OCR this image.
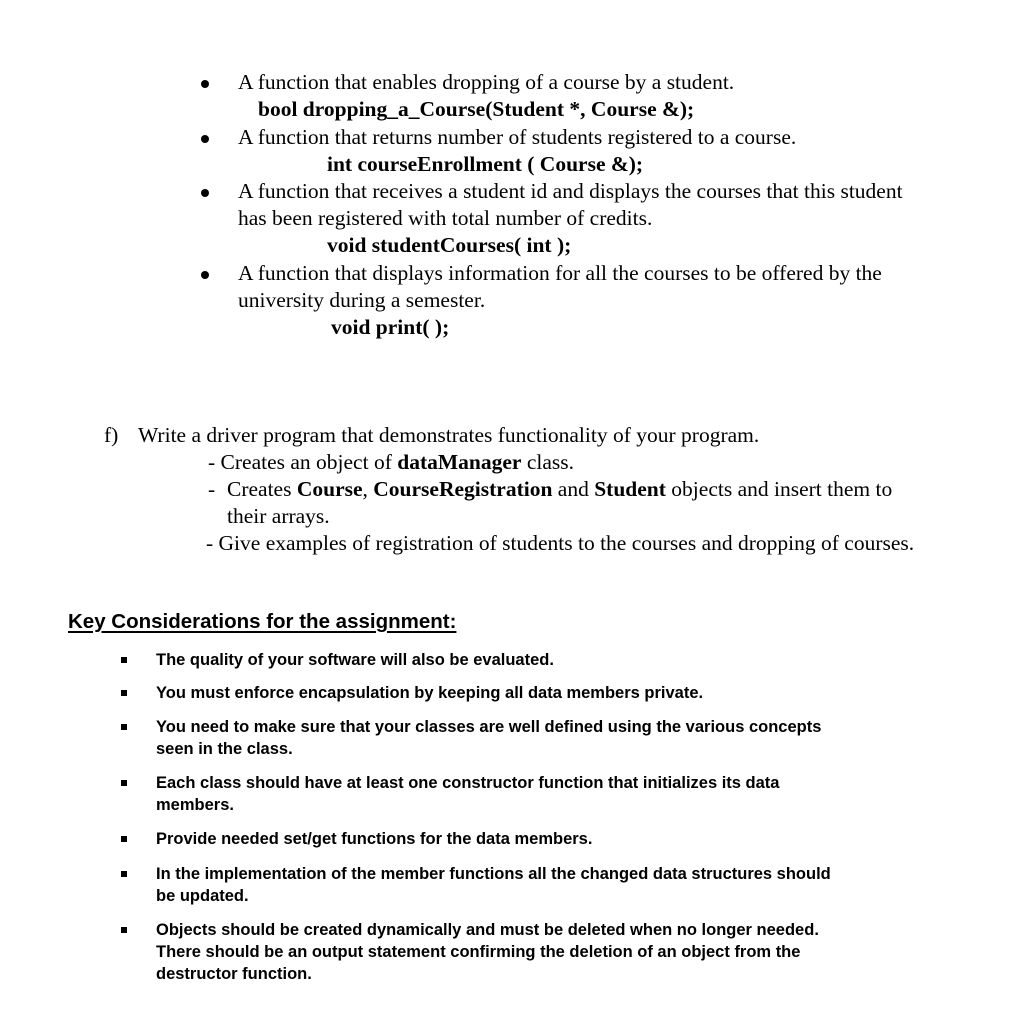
A function that enables dropping of a course by a student.
bool dropping_a_Course(Student *, Course &);
A function that returns number of students registered to a course.
int courseEnrollment ( Course &);
A function that receives a student id and displays the courses that this student
has been registered with total number of credits.
void studentCourses( int );
A function that displays information for all the courses to be offered by the
university during a semester.
void print( );
f) Write a driver program that demonstrates functionality of your program.
- Creates an object of dataManager class.
- Creates Course, CourseRegistration and Student objects and insert them to
their arrays.
- Give examples of registration of students to the courses and dropping of courses.
Key Considerations for the assignment:
The quality of your software will also be evaluated.
You must enforce encapsulation by keeping all data members private.
You need to make sure that your classes are well defined using the various concepts
seen in the class.
Each class should have at least one constructor function that initializes its data
members.
Provide needed set/get functions for the data members.
In the implementation of the member functions all the changed data structures should
be updated.
Objects should be created dynamically and must be deleted when no longer needed.
There should be an output statement confirming the deletion of an object from the
destructor function.
